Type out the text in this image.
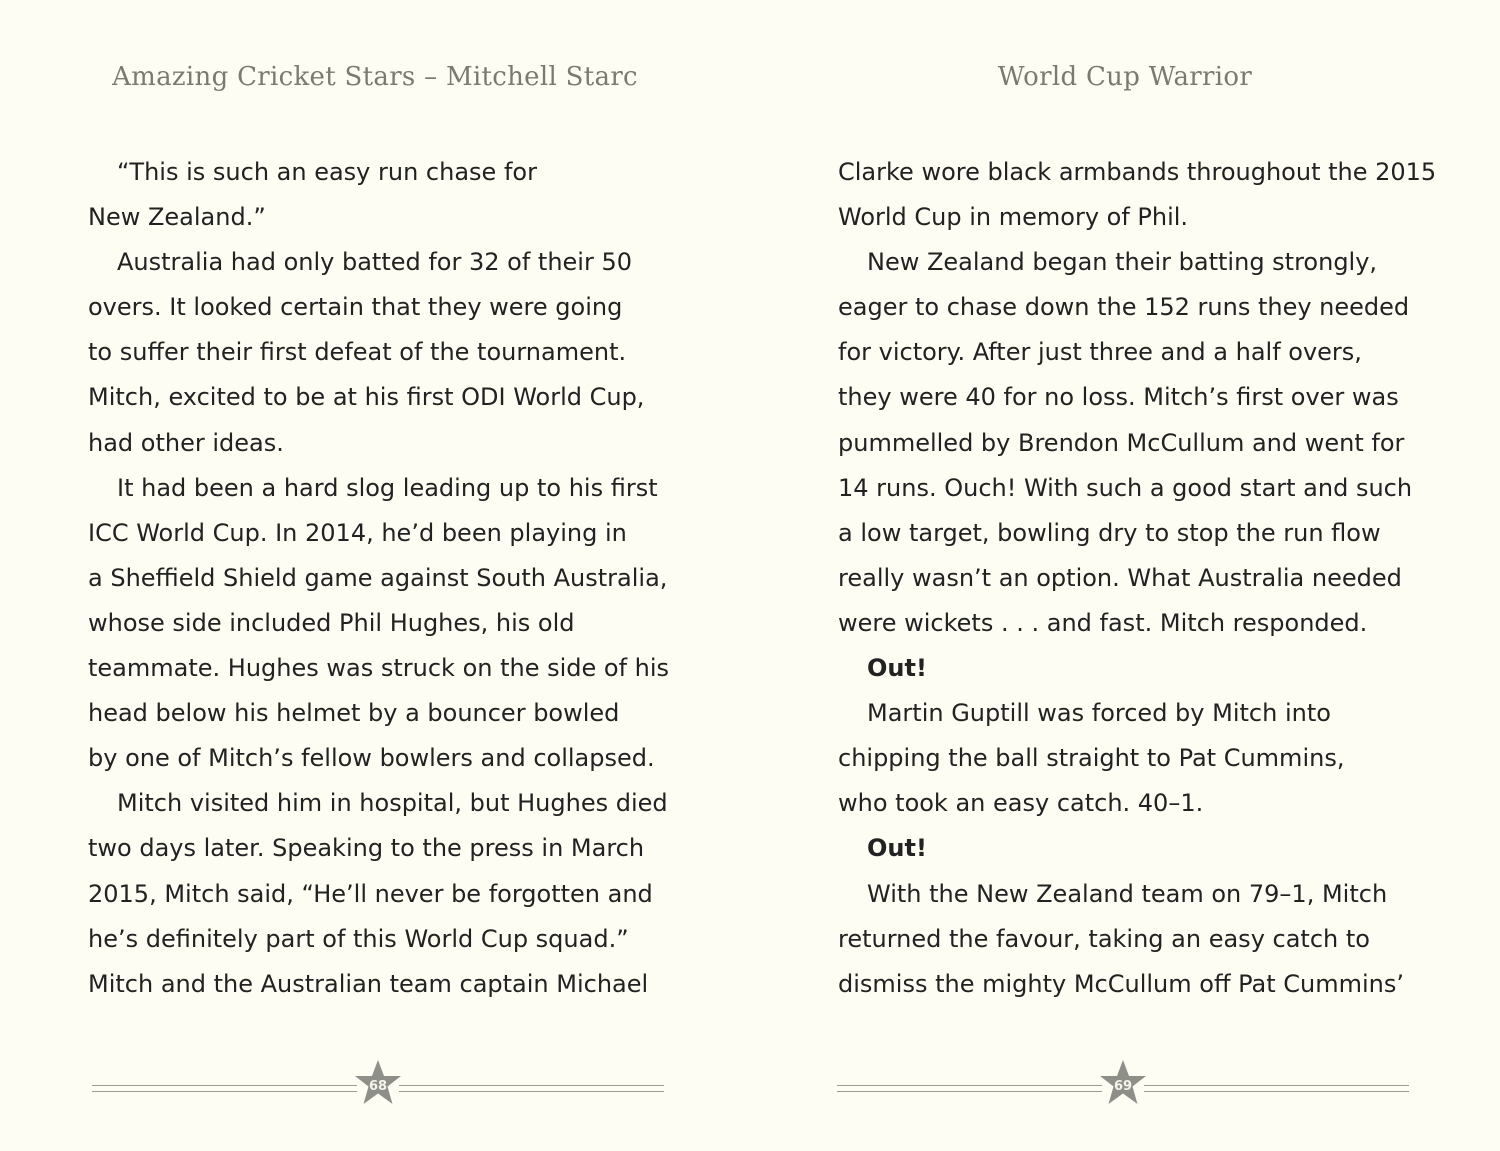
Amazing Cricket Stars – Mitchell Starc
“This is such an easy run chase for
New Zealand.”
Australia had only batted for 32 of their 50
overs. It looked certain that they were going
to suffer their first defeat of the tournament.
Mitch, excited to be at his first ODI World Cup,
had other ideas.
It had been a hard slog leading up to his first
ICC World Cup. In 2014, he’d been playing in
a Sheffield Shield game against South Australia,
whose side included Phil Hughes, his old
teammate. Hughes was struck on the side of his
head below his helmet by a bouncer bowled
by one of Mitch’s fellow bowlers and collapsed.
Mitch visited him in hospital, but Hughes died
two days later. Speaking to the press in March
2015, Mitch said, “He’ll never be forgotten and
he’s definitely part of this World Cup squad.”
Mitch and the Australian team captain Michael
68
World Cup Warrior
Clarke wore black armbands throughout the 2015
World Cup in memory of Phil.
New Zealand began their batting strongly,
eager to chase down the 152 runs they needed
for victory. After just three and a half overs,
they were 40 for no loss. Mitch’s first over was
pummelled by Brendon McCullum and went for
14 runs. Ouch! With such a good start and such
a low target, bowling dry to stop the run flow
really wasn’t an option. What Australia needed
were wickets . . . and fast. Mitch responded.
Out!
Martin Guptill was forced by Mitch into
chipping the ball straight to Pat Cummins,
who took an easy catch. 40–1.
Out!
With the New Zealand team on 79–1, Mitch
returned the favour, taking an easy catch to
dismiss the mighty McCullum off Pat Cummins’
69
